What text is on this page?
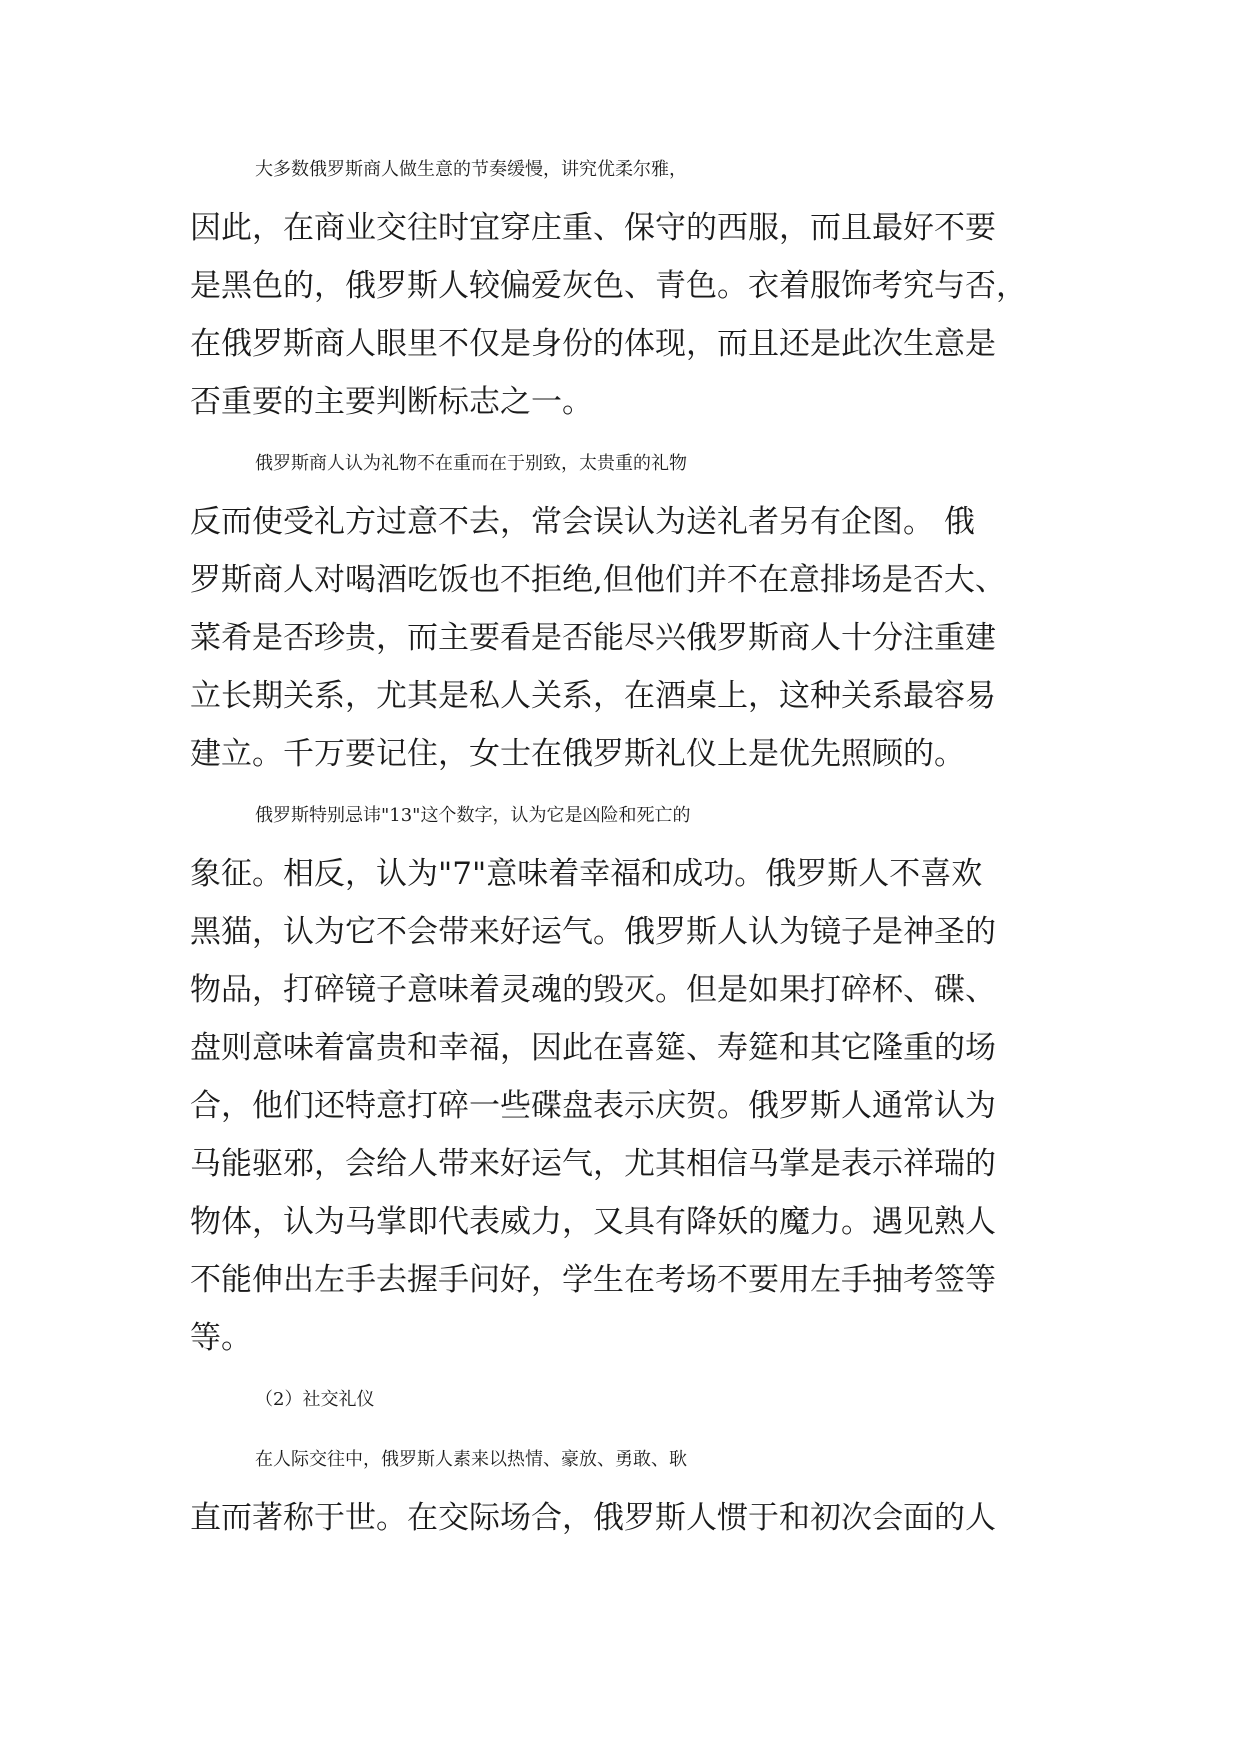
大多数俄罗斯商人做生意的节奏缓慢，讲究优柔尔雅，
因此，在商业交往时宜穿庄重、保守的西服，而且最好不要
是黑色的，俄罗斯人较偏爱灰色、青色。衣着服饰考究与否，
在俄罗斯商人眼里不仅是身份的体现，而且还是此次生意是
否重要的主要判断标志之一。
俄罗斯商人认为礼物不在重而在于别致，太贵重的礼物
反而使受礼方过意不去，常会误认为送礼者另有企图。 俄
罗斯商人对喝酒吃饭也不拒绝,但他们并不在意排场是否大、
菜肴是否珍贵，而主要看是否能尽兴俄罗斯商人十分注重建
立长期关系，尤其是私人关系，在酒桌上，这种关系最容易
建立。千万要记住，女士在俄罗斯礼仪上是优先照顾的。
俄罗斯特别忌讳"13"这个数字，认为它是凶险和死亡的
象征。相反，认为"7"意味着幸福和成功。俄罗斯人不喜欢
黑猫，认为它不会带来好运气。俄罗斯人认为镜子是神圣的
物品，打碎镜子意味着灵魂的毁灭。但是如果打碎杯、碟、
盘则意味着富贵和幸福，因此在喜筵、寿筵和其它隆重的场
合，他们还特意打碎一些碟盘表示庆贺。俄罗斯人通常认为
马能驱邪，会给人带来好运气，尤其相信马掌是表示祥瑞的
物体，认为马掌即代表威力，又具有降妖的魔力。遇见熟人
不能伸出左手去握手问好，学生在考场不要用左手抽考签等
等。
（2）社交礼仪
在人际交往中，俄罗斯人素来以热情、豪放、勇敢、耿
直而著称于世。在交际场合，俄罗斯人惯于和初次会面的人
